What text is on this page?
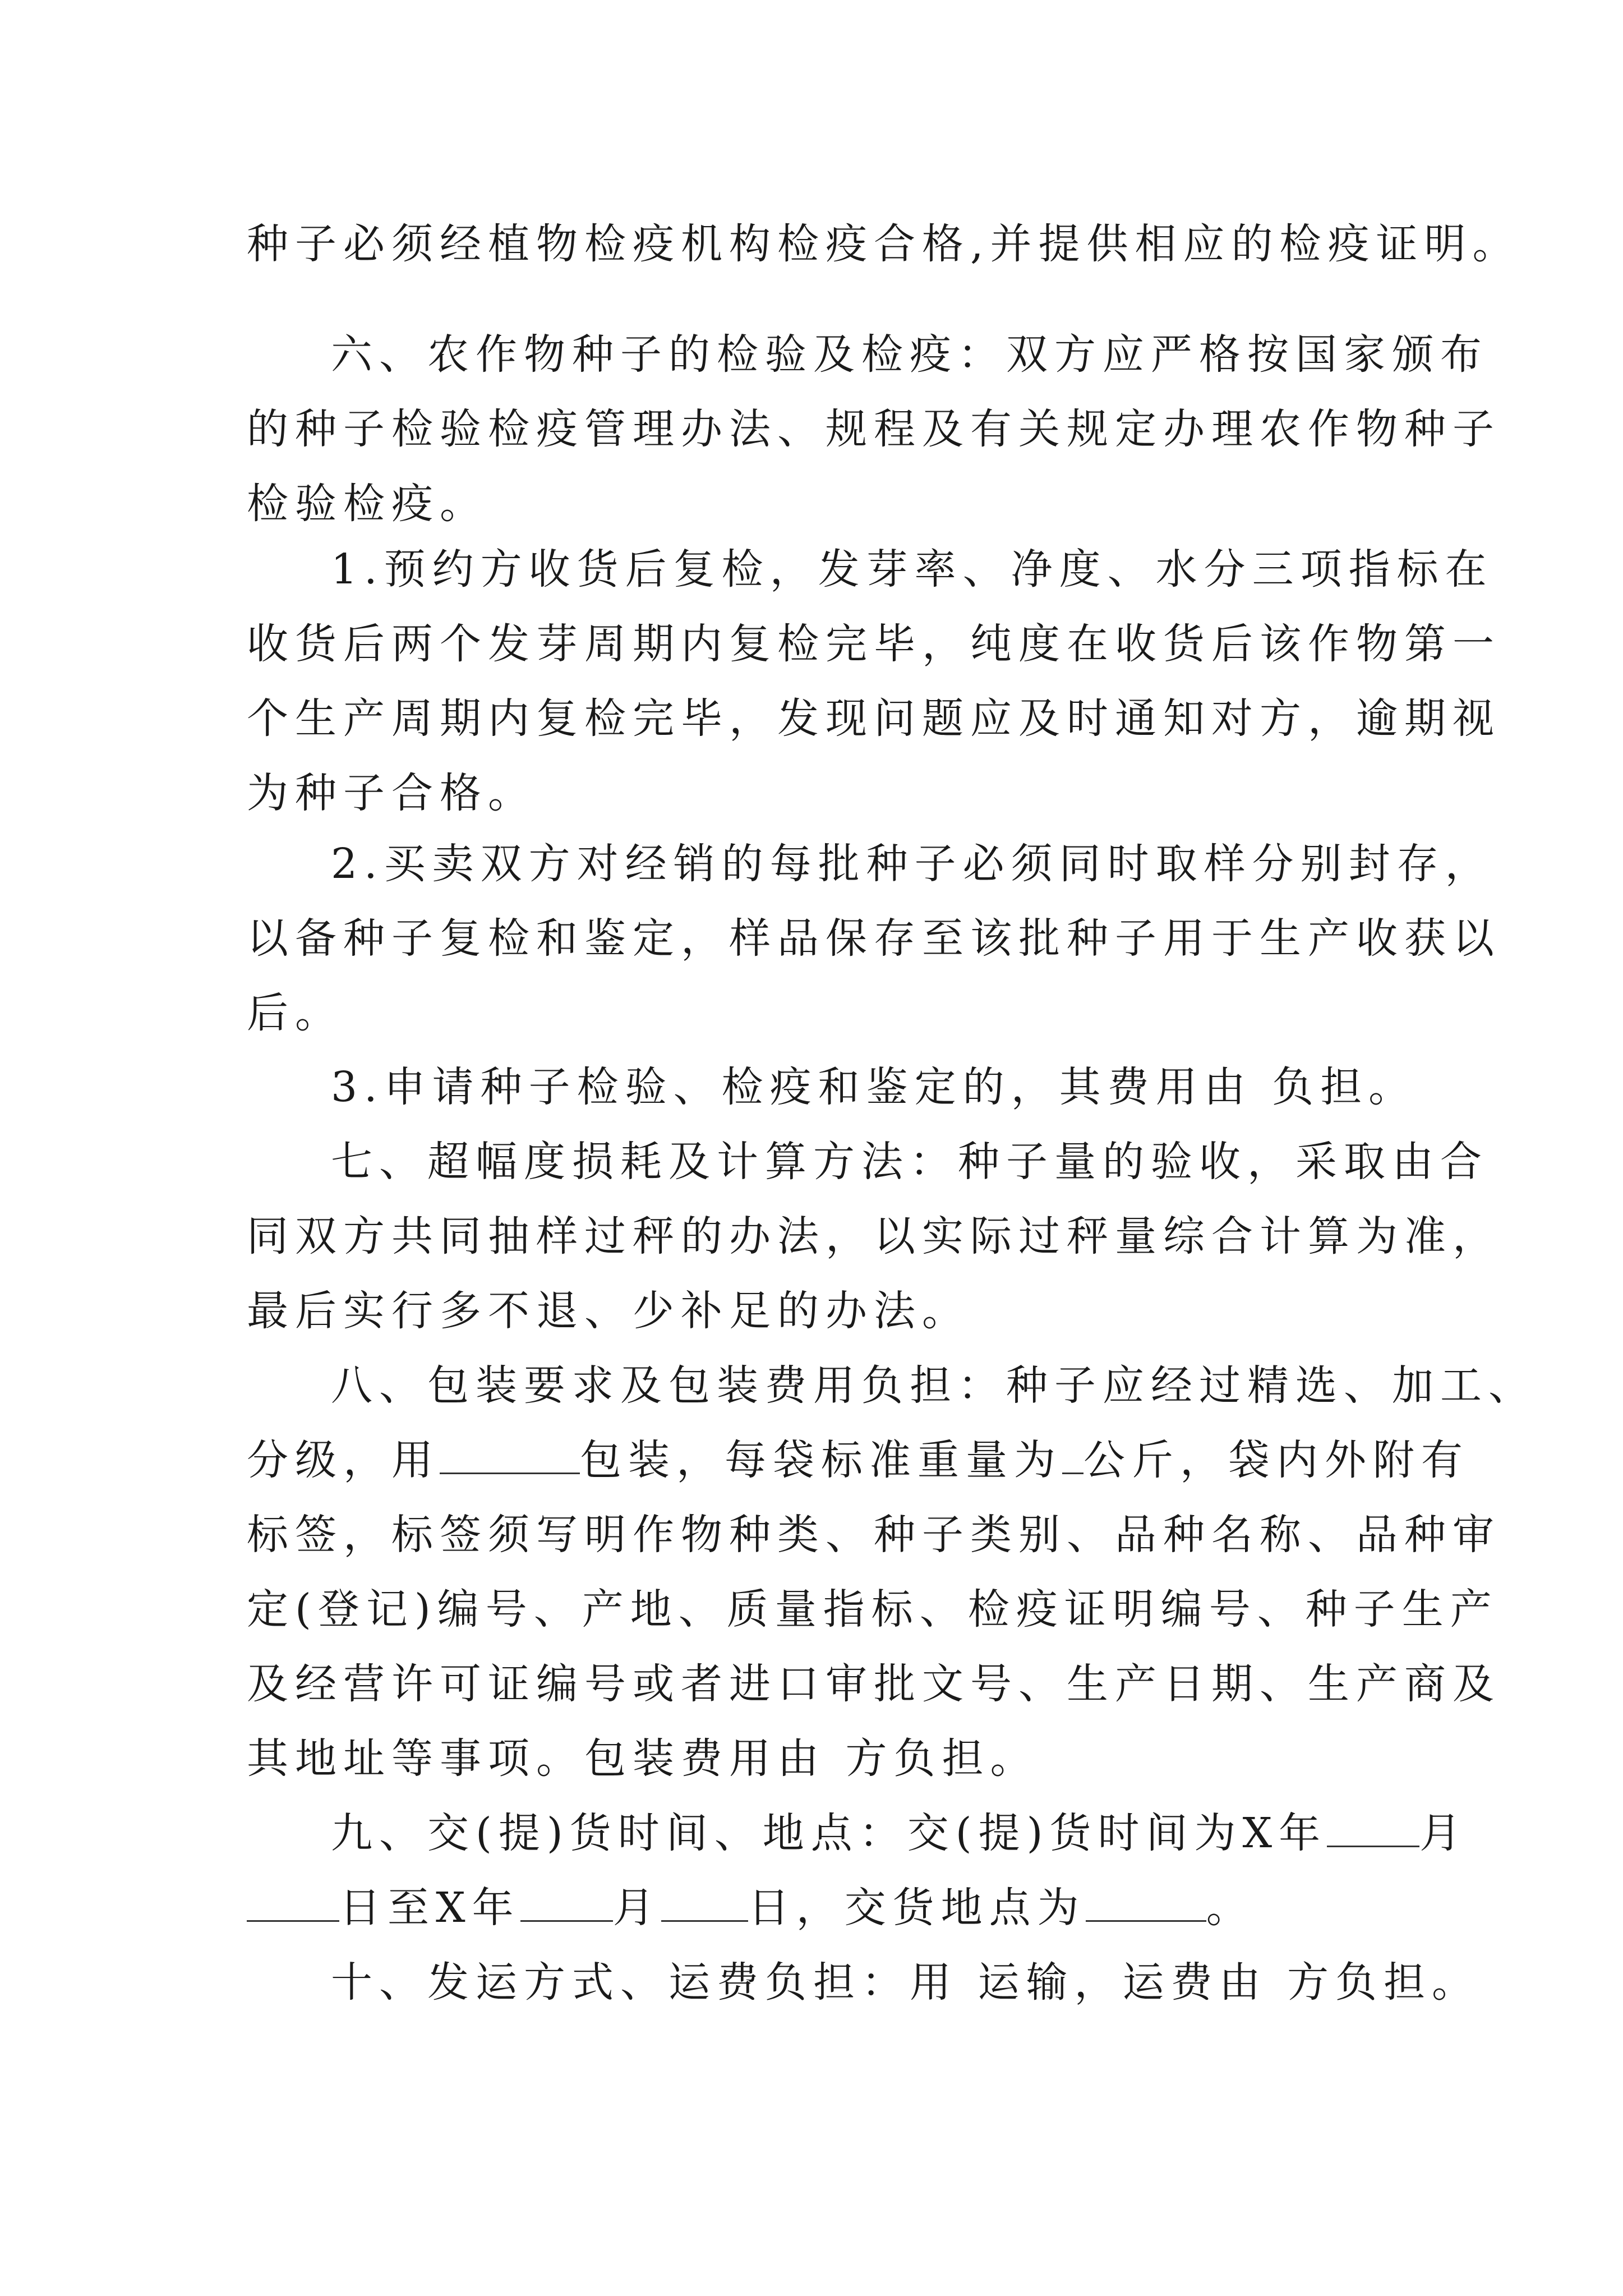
种子必须经植物检疫机构检疫合格,并提供相应的检疫证明。
六、农作物种子的检验及检疫：双方应严格按国家颁布
的种子检验检疫管理办法、规程及有关规定办理农作物种子
检验检疫。
1.预约方收货后复检，发芽率、净度、水分三项指标在
收货后两个发芽周期内复检完毕，纯度在收货后该作物第一
个生产周期内复检完毕，发现问题应及时通知对方，逾期视
为种子合格。
2.买卖双方对经销的每批种子必须同时取样分别封存，
以备种子复检和鉴定，样品保存至该批种子用于生产收获以
后。
3.申请种子检验、检疫和鉴定的，其费用由 负担。
七、超幅度损耗及计算方法：种子量的验收，采取由合
同双方共同抽样过秤的办法，以实际过秤量综合计算为准，
最后实行多不退、少补足的办法。
八、包装要求及包装费用负担：种子应经过精选、加工、
分级，用	包装，每袋标准重量为 公斤，袋内外附有
标签，标签须写明作物种类、种子类别、品种名称、品种审
定(登记)编号、产地、质量指标、检疫证明编号、种子生产
及经营许可证编号或者进口审批文号、生产日期、生产商及
其地址等事项。包装费用由 方负担。
九、交(提)货时间、地点：交(提)货时间为X年 月
日至X年 月 日，交货地点为	。
十、发运方式、运费负担：用 运输，运费由 方负担。
